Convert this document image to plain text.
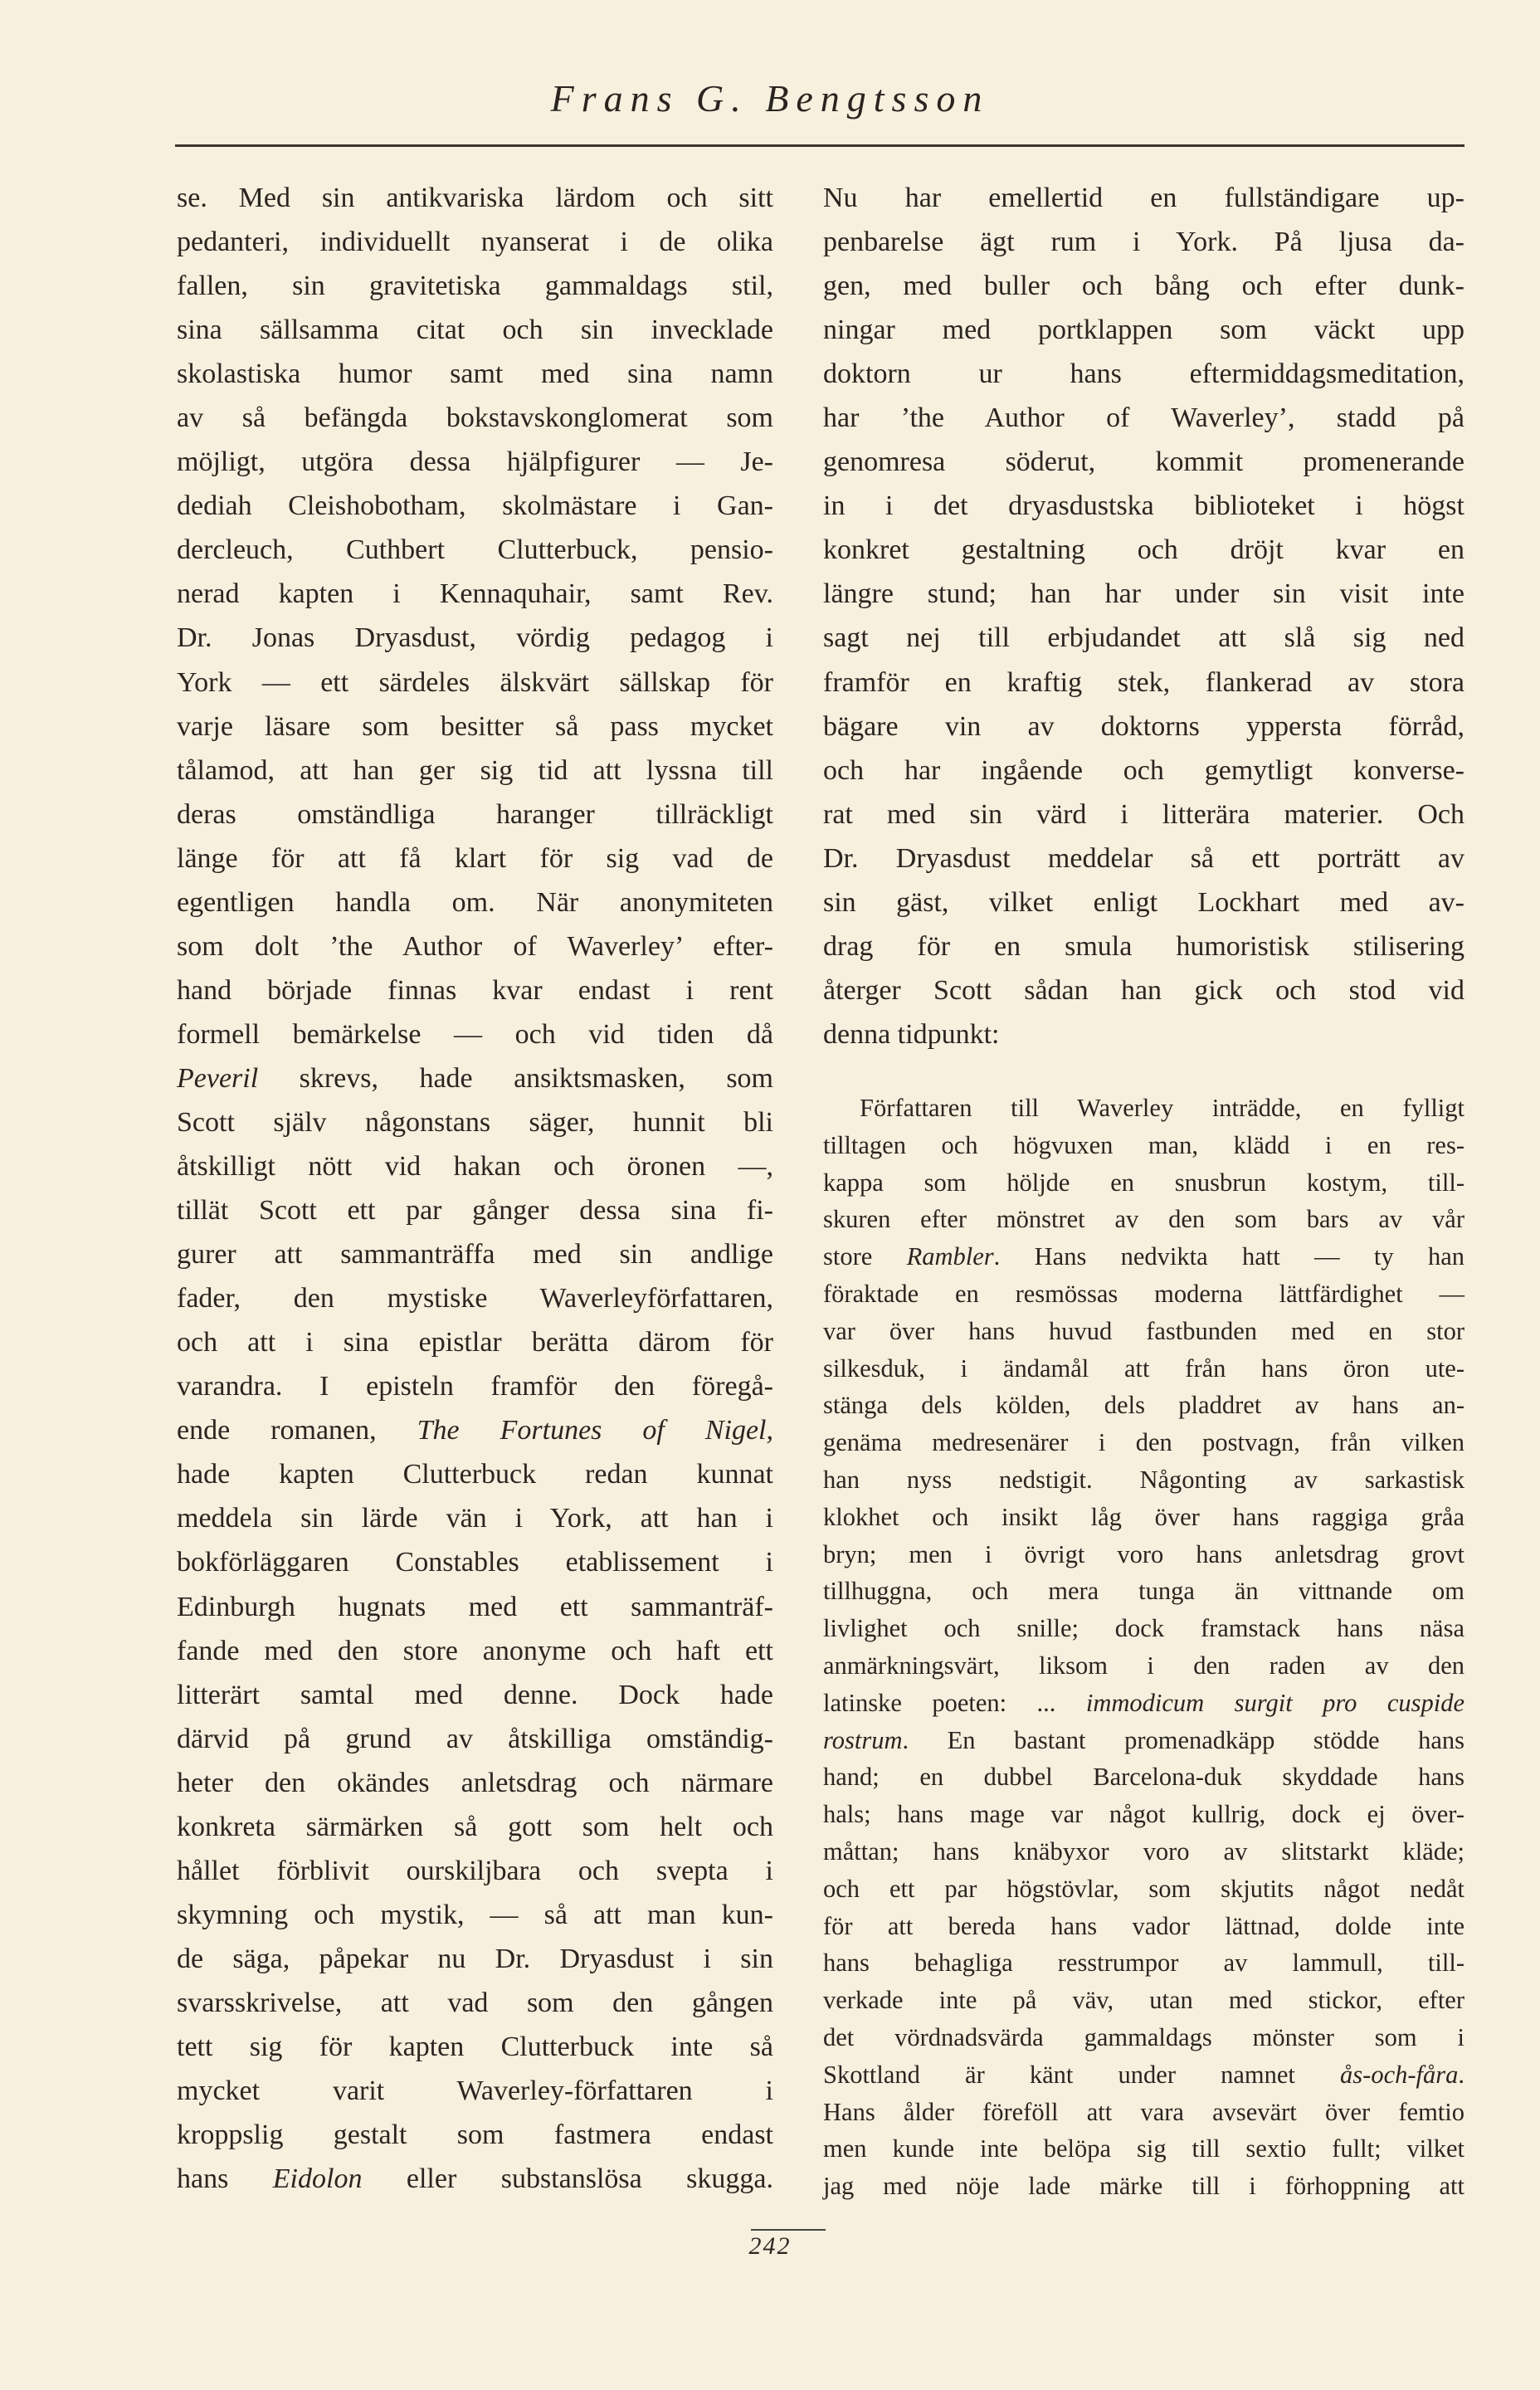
Frans G. Bengtsson
se. Med sin antikvariska lärdom och sitt
pedanteri, individuellt nyanserat i de olika
fallen, sin gravitetiska gammaldags stil,
sina sällsamma citat och sin invecklade
skolastiska humor samt med sina namn
av så befängda bokstavskonglomerat som
möjligt, utgöra dessa hjälpfigurer — Je-
dediah Cleishobotham, skolmästare i Gan-
dercleuch, Cuthbert Clutterbuck, pensio-
nerad kapten i Kennaquhair, samt Rev.
Dr. Jonas Dryasdust, vördig pedagog i
York — ett särdeles älskvärt sällskap för
varje läsare som besitter så pass mycket
tålamod, att han ger sig tid att lyssna till
deras omständliga haranger tillräckligt
länge för att få klart för sig vad de
egentligen handla om. När anonymiteten
som dolt ’the Author of Waverley’ efter-
hand började finnas kvar endast i rent
formell bemärkelse — och vid tiden då
Peveril skrevs, hade ansiktsmasken, som
Scott själv någonstans säger, hunnit bli
åtskilligt nött vid hakan och öronen —,
tillät Scott ett par gånger dessa sina fi-
gurer att sammanträffa med sin andlige
fader, den mystiske Waverleyförfattaren,
och att i sina epistlar berätta därom för
varandra. I episteln framför den föregå-
ende romanen, The Fortunes of Nigel,
hade kapten Clutterbuck redan kunnat
meddela sin lärde vän i York, att han i
bokförläggaren Constables etablissement i
Edinburgh hugnats med ett sammanträf-
fande med den store anonyme och haft ett
litterärt samtal med denne. Dock hade
därvid på grund av åtskilliga omständig-
heter den okändes anletsdrag och närmare
konkreta särmärken så gott som helt och
hållet förblivit ourskiljbara och svepta i
skymning och mystik, — så att man kun-
de säga, påpekar nu Dr. Dryasdust i sin
svarsskrivelse, att vad som den gången
tett sig för kapten Clutterbuck inte så
mycket varit Waverley-författaren i
kroppslig gestalt som fastmera endast
hans Eidolon eller substanslösa skugga.
Nu har emellertid en fullständigare up-
penbarelse ägt rum i York. På ljusa da-
gen, med buller och bång och efter dunk-
ningar med portklappen som väckt upp
doktorn ur hans eftermiddagsmeditation,
har ’the Author of Waverley’, stadd på
genomresa söderut, kommit promenerande
in i det dryasdustska biblioteket i högst
konkret gestaltning och dröjt kvar en
längre stund; han har under sin visit inte
sagt nej till erbjudandet att slå sig ned
framför en kraftig stek, flankerad av stora
bägare vin av doktorns yppersta förråd,
och har ingående och gemytligt konverse-
rat med sin värd i litterära materier. Och
Dr. Dryasdust meddelar så ett porträtt av
sin gäst, vilket enligt Lockhart med av-
drag för en smula humoristisk stilisering
återger Scott sådan han gick och stod vid
denna tidpunkt:
Författaren till Waverley inträdde, en fylligt
tilltagen och högvuxen man, klädd i en res-
kappa som höljde en snusbrun kostym, till-
skuren efter mönstret av den som bars av vår
store Rambler. Hans nedvikta hatt — ty han
föraktade en resmössas moderna lättfärdighet —
var över hans huvud fastbunden med en stor
silkesduk, i ändamål att från hans öron ute-
stänga dels kölden, dels pladdret av hans an-
genäma medresenärer i den postvagn, från vilken
han nyss nedstigit. Någonting av sarkastisk
klokhet och insikt låg över hans raggiga gråa
bryn; men i övrigt voro hans anletsdrag grovt
tillhuggna, och mera tunga än vittnande om
livlighet och snille; dock framstack hans näsa
anmärkningsvärt, liksom i den raden av den
latinske poeten: ... immodicum surgit pro cuspide
rostrum. En bastant promenadkäpp stödde hans
hand; en dubbel Barcelona-duk skyddade hans
hals; hans mage var något kullrig, dock ej över-
måttan; hans knäbyxor voro av slitstarkt kläde;
och ett par högstövlar, som skjutits något nedåt
för att bereda hans vador lättnad, dolde inte
hans behagliga resstrumpor av lammull, till-
verkade inte på väv, utan med stickor, efter
det vördnadsvärda gammaldags mönster som i
Skottland är känt under namnet ås-och-fåra.
Hans ålder föreföll att vara avsevärt över femtio
men kunde inte belöpa sig till sextio fullt; vilket
jag med nöje lade märke till i förhoppning att
242
